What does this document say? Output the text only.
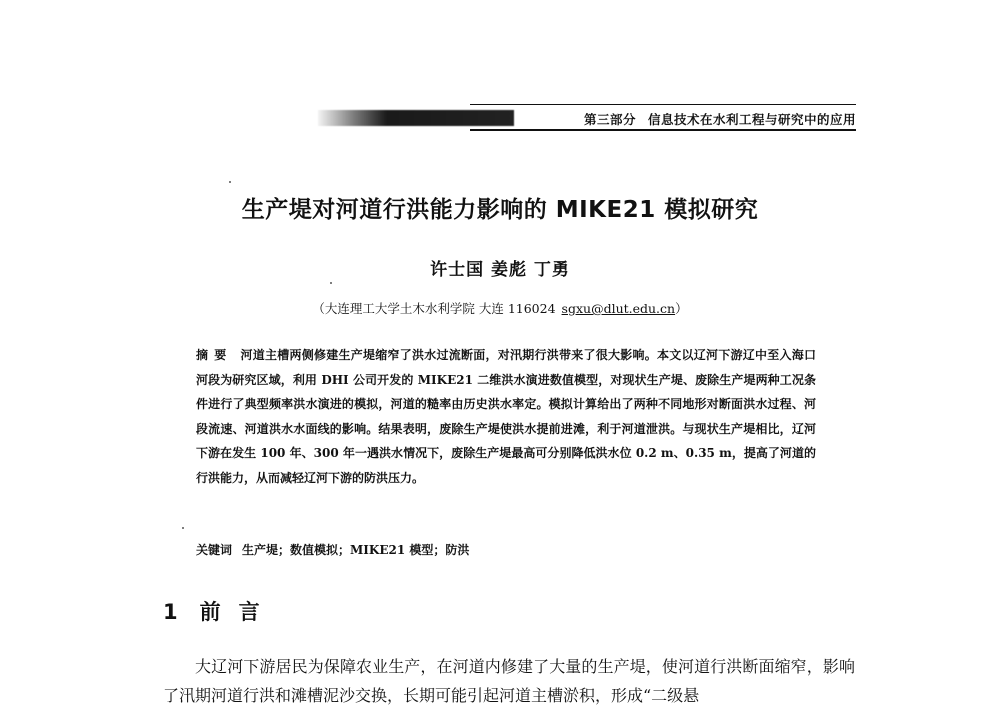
第三部分 信息技术在水利工程与研究中的应用
生产堤对河道行洪能力影响的 MIKE21 模拟研究
许士国 姜彪 丁勇
（大连理工大学土木水利学院 大连 116024 sgxu@dlut.edu.cn）
摘要 河道主槽两侧修建生产堤缩窄了洪水过流断面，对汛期行洪带来了很大影响。本文以辽河下游辽中至入海口河段为研究区域，利用 DHI 公司开发的 MIKE21 二维洪水演进数值模型，对现状生产堤、废除生产堤两种工况条件进行了典型频率洪水演进的模拟，河道的糙率由历史洪水率定。模拟计算给出了两种不同地形对断面洪水过程、河段流速、河道洪水水面线的影响。结果表明，废除生产堤使洪水提前进滩，利于河道泄洪。与现状生产堤相比，辽河下游在发生 100 年、300 年一遇洪水情况下，废除生产堤最高可分别降低洪水位 0.2 m、0.35 m，提高了河道的行洪能力，从而减轻辽河下游的防洪压力。
关键词 生产堤；数值模拟；MIKE21 模型；防洪
1 前言
大辽河下游居民为保障农业生产，在河道内修建了大量的生产堤，使河道行洪断面缩窄，影响了汛期河道行洪和滩槽泥沙交换，长期可能引起河道主槽淤积，形成“二级悬
